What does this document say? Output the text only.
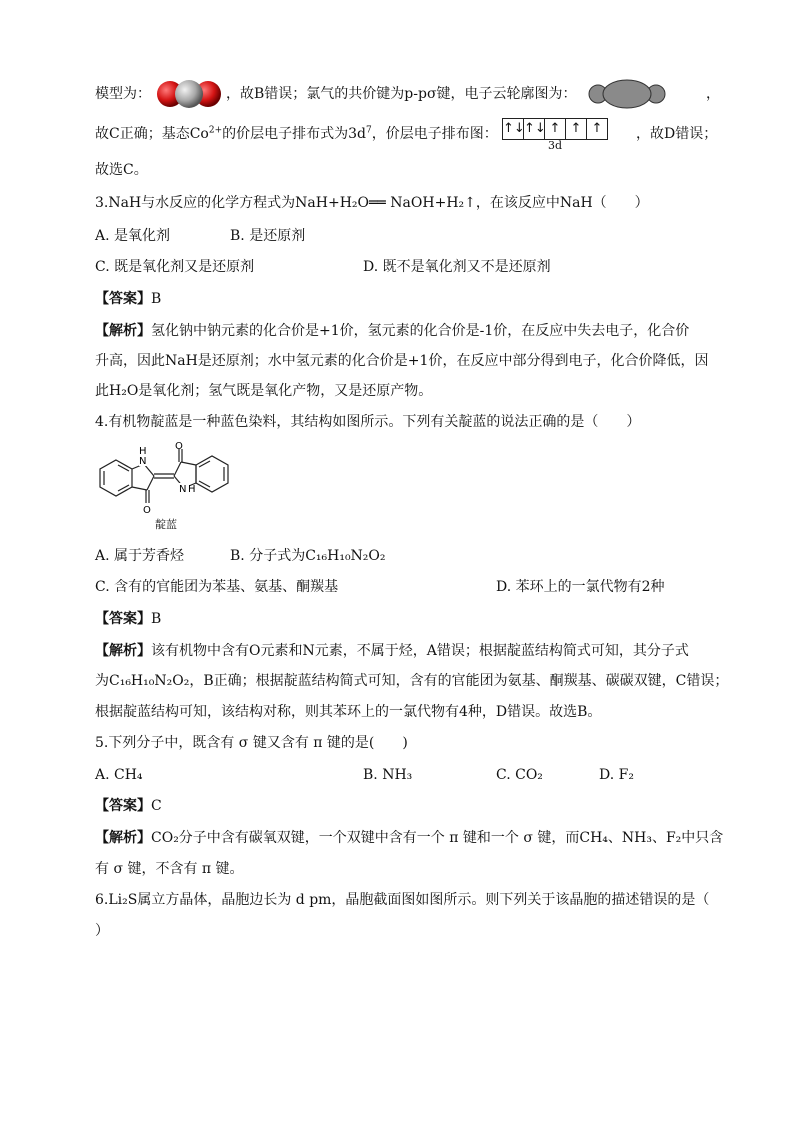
模型为：	，故B错误；氯气的共价键为p-pσ键，电子云轮廓图为：	，
故C正确；基态$Co^{2+}$的价层电子排布式为$3d^7$，价层电子排布图： ↑↓ ↑↓ ↑ ↑ ↑
3d
，故D错误；
故选C。
3.NaH与水反应的化学方程式为NaH+H₂O══ NaOH+H₂↑，在该反应中NaH（　　）
A. 是氧化剂	B. 是还原剂
C. 既是氧化剂又是还原剂	D. 既不是氧化剂又不是还原剂
【答案】B
【解析】氢化钠中钠元素的化合价是+1价，氢元素的化合价是-1价，在反应中失去电子，化合价
升高，因此NaH是还原剂；水中氢元素的化合价是+1价，在反应中部分得到电子，化合价降低，因
此H₂O是氧化剂；氢气既是氧化产物，又是还原产物。
4.有机物靛蓝是一种蓝色染料，其结构如图所示。下列有关靛蓝的说法正确的是（　　）
O
O
H
N
N H
靛蓝
A. 属于芳香烃	B. 分子式为C₁₆H₁₀N₂O₂
C. 含有的官能团为苯基、氨基、酮羰基	D. 苯环上的一氯代物有2种
【答案】B
【解析】该有机物中含有O元素和N元素，不属于烃，A错误；根据靛蓝结构简式可知，其分子式
为C₁₆H₁₀N₂O₂，B正确；根据靛蓝结构简式可知，含有的官能团为氨基、酮羰基、碳碳双键，C错误；
根据靛蓝结构可知，该结构对称，则其苯环上的一氯代物有4种，D错误。故选B。
5.下列分子中，既含有 σ 键又含有 π 键的是(　　)
A. CH₄	B. NH₃	C. CO₂	D. F₂
【答案】C
【解析】CO₂分子中含有碳氧双键，一个双键中含有一个 π 键和一个 σ 键，而CH₄、NH₃、F₂中只含
有 σ 键，不含有 π 键。
6.Li₂S属立方晶体，晶胞边长为 d pm，晶胞截面图如图所示。则下列关于该晶胞的描述错误的是（
）
